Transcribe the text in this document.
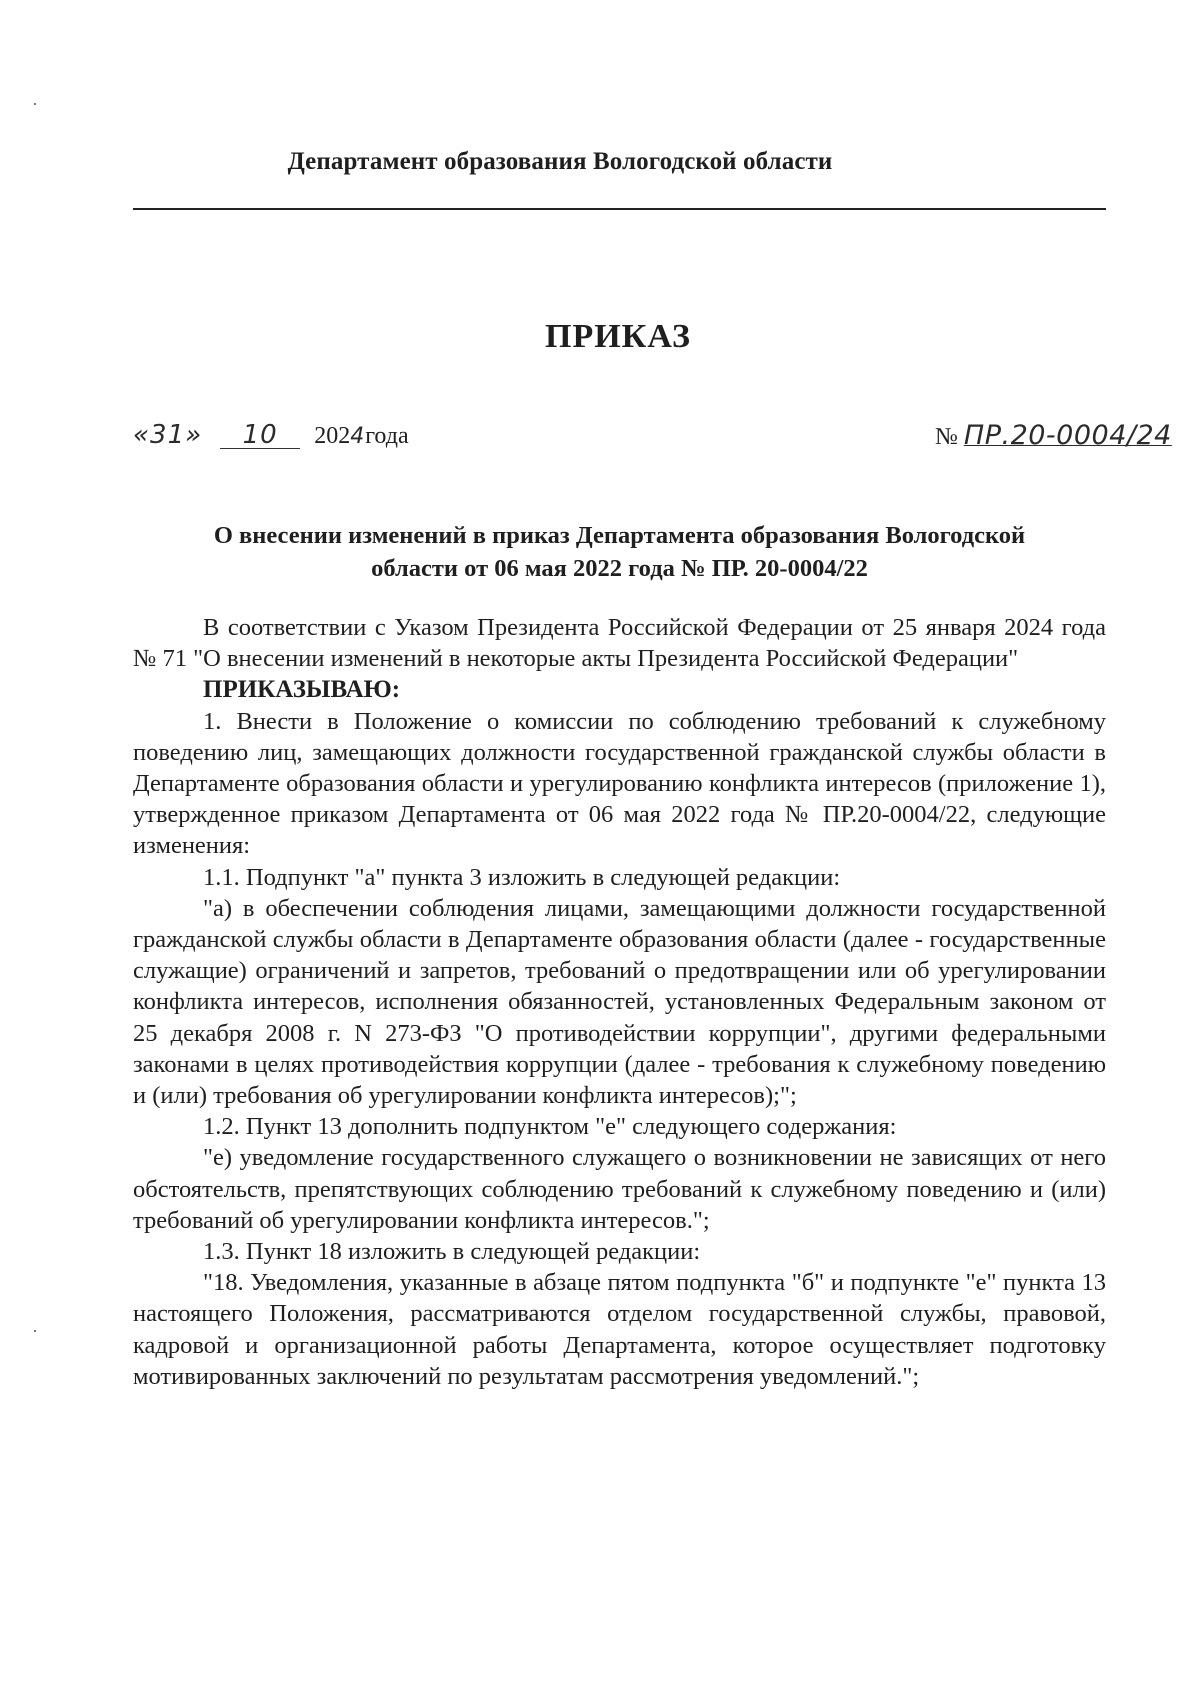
Департамент образования Вологодской области
ПРИКАЗ
«31» 10 2024года	№ ПР.20-0004/24
О внесении изменений в приказ Департамента образования Вологодской
области от 06 мая 2022 года № ПР. 20-0004/22

В соответствии с Указом Президента Российской Федерации от 25 января 2024 года № 71 "О внесении изменений в некоторые акты Президента Российской Федерации"

ПРИКАЗЫВАЮ:

1. Внести в Положение о комиссии по соблюдению требований к служебному поведению лиц, замещающих должности государственной гражданской службы области в Департаменте образования области и урегулированию конфликта интересов (приложение 1), утвержденное приказом Департамента от 06 мая 2022 года № ПР.20-0004/22, следующие изменения:

1.1. Подпункт "а" пункта 3 изложить в следующей редакции:

"а) в обеспечении соблюдения лицами, замещающими должности государственной гражданской службы области в Департаменте образования области (далее - государственные служащие) ограничений и запретов, требований о предотвращении или об урегулировании конфликта интересов, исполнения обязанностей, установленных Федеральным законом от 25 декабря 2008 г. N 273-ФЗ "О противодействии коррупции", другими федеральными законами в целях противодействия коррупции (далее - требования к служебному поведению и (или) требования об урегулировании конфликта интересов);";

1.2. Пункт 13 дополнить подпунктом "е" следующего содержания:

"е) уведомление государственного служащего о возникновении не зависящих от него обстоятельств, препятствующих соблюдению требований к служебному поведению и (или) требований об урегулировании конфликта интересов.";

1.3. Пункт 18 изложить в следующей редакции:

"18. Уведомления, указанные в абзаце пятом подпункта "б" и подпункте "е" пункта 13 настоящего Положения, рассматриваются отделом государственной службы, правовой, кадровой и организационной работы Департамента, которое осуществляет подготовку мотивированных заключений по результатам рассмотрения уведомлений.";
